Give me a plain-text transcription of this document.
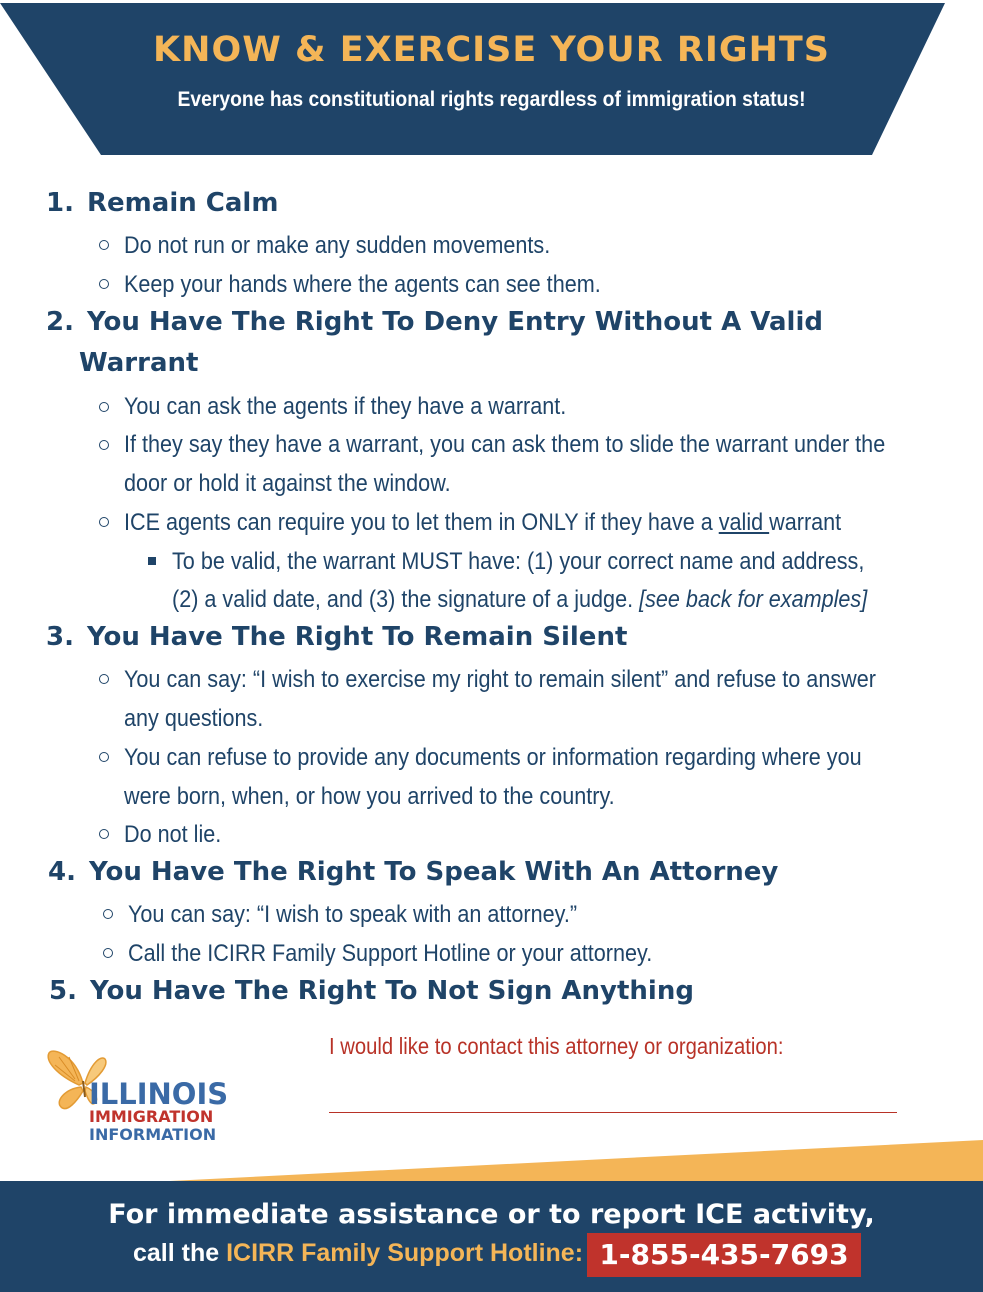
KNOW & EXERCISE YOUR RIGHTS
Everyone has constitutional rights regardless of immigration status!
1. Remain Calm
Do not run or make any sudden movements.
Keep your hands where the agents can see them.
2. You Have The Right To Deny Entry Without A Valid
Warrant
You can ask the agents if they have a warrant.
If they say they have a warrant, you can ask them to slide the warrant under the
door or hold it against the window.
ICE agents can require you to let them in ONLY if they have a valid warrant
To be valid, the warrant MUST have: (1) your correct name and address,
(2) a valid date, and (3) the signature of a judge. [see back for examples]
3. You Have The Right To Remain Silent
You can say: “I wish to exercise my right to remain silent” and refuse to answer
any questions.
You can refuse to provide any documents or information regarding where you
were born, when, or how you arrived to the country.
Do not lie.
4. You Have The Right To Speak With An Attorney
You can say: “I wish to speak with an attorney.”
Call the ICIRR Family Support Hotline or your attorney.
5. You Have The Right To Not Sign Anything
ILLINOIS
IMMIGRATION
INFORMATION
I would like to contact this attorney or organization:
For immediate assistance or to report ICE activity,
call the ICIRR Family Support Hotline: 1-855-435-7693
